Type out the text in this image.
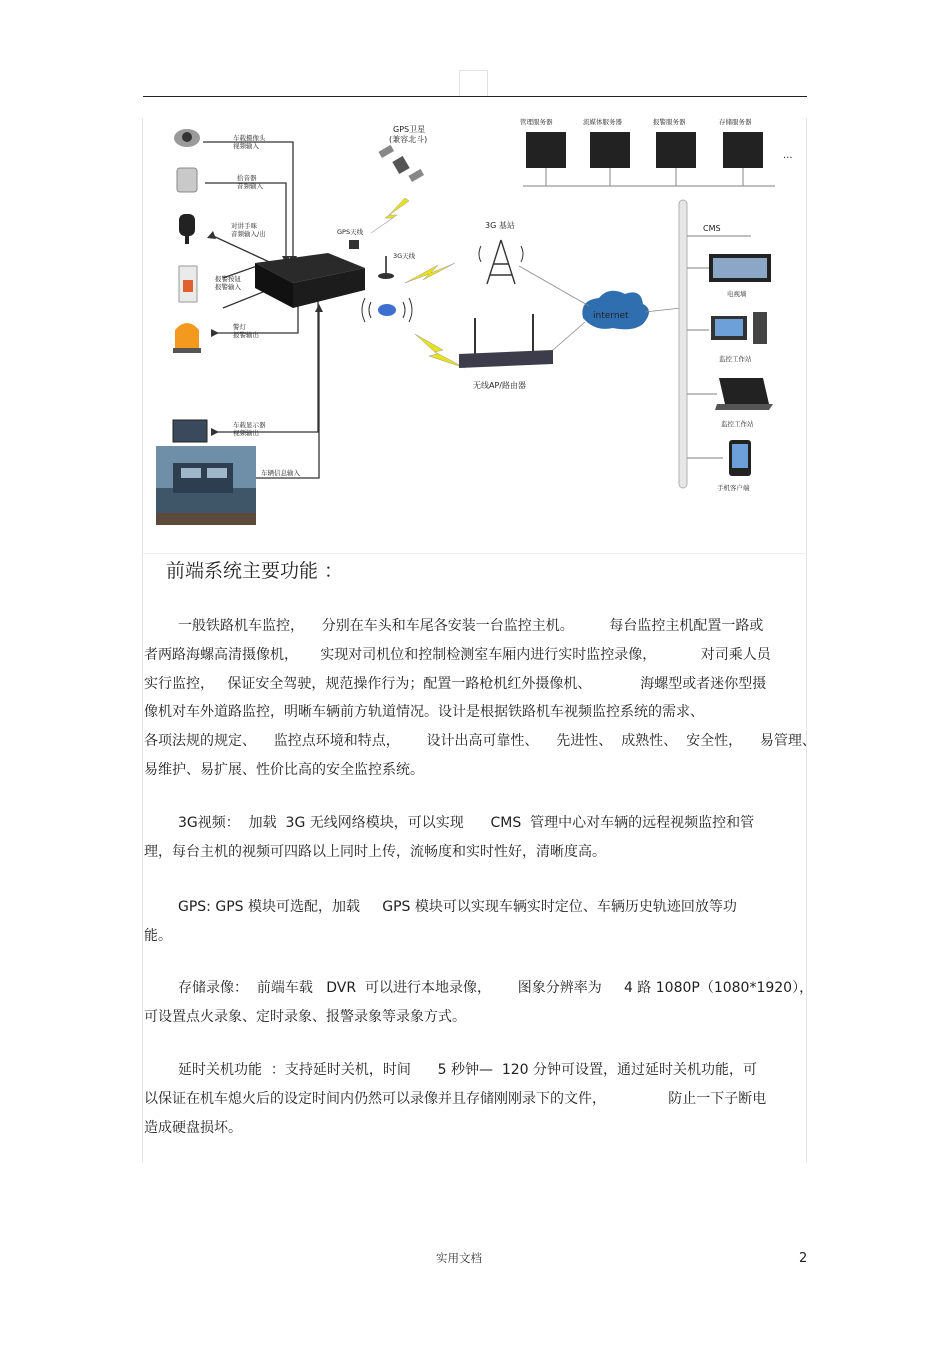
车载摄像头
视频输入
拾音器
音频输入
对讲手咪
音频输入/出
报警按钮
报警输入
警灯
报警输出
车载显示器
视频输出
车辆信息输入
GPS卫星
(兼容北斗)
GPS天线
3G天线
3G 基站
无线AP/路由器
internet
管理服务器	流媒体服务器	报警服务器	存储服务器
...
CMS
电视墙
监控工作站
监控工作站
手机客户端
前端系统主要功能 ：
一般铁路机车监控，    分别在车头和车尾各安装一台监控主机。        每台监控主机配置一路或
者两路海螺高清摄像机，     实现对司机位和控制检测室车厢内进行实时监控录像，          对司乘人员
实行监控，   保证安全驾驶，规范操作行为；配置一路枪机红外摄像机、           海螺型或者迷你型摄
像机对车外道路监控，明晰车辆前方轨道情况。设计是根据铁路机车视频监控系统的需求、
各项法规的规定、    监控点环境和特点，      设计出高可靠性、    先进性、  成熟性、  安全性，    易管理、
易维护、易扩展、性价比高的安全监控系统。
3G视频：  加载  3G 无线网络模块，可以实现      CMS  管理中心对车辆的远程视频监控和管
理，每台主机的视频可四路以上同时上传，流畅度和实时性好，清晰度高。
GPS: GPS 模块可选配，加载     GPS 模块可以实现车辆实时定位、车辆历史轨迹回放等功
能。
存储录像：  前端车载   DVR  可以进行本地录像，      图象分辨率为     4 路 1080P（1080*1920），
可设置点火录象、定时录象、报警录象等录象方式。
延时关机功能  ：支持延时关机，时间      5 秒钟—  120 分钟可设置，通过延时关机功能，可
以保证在机车熄火后的设定时间内仍然可以录像并且存储刚刚录下的文件，              防止一下子断电
造成硬盘损坏。
实用文档	2
